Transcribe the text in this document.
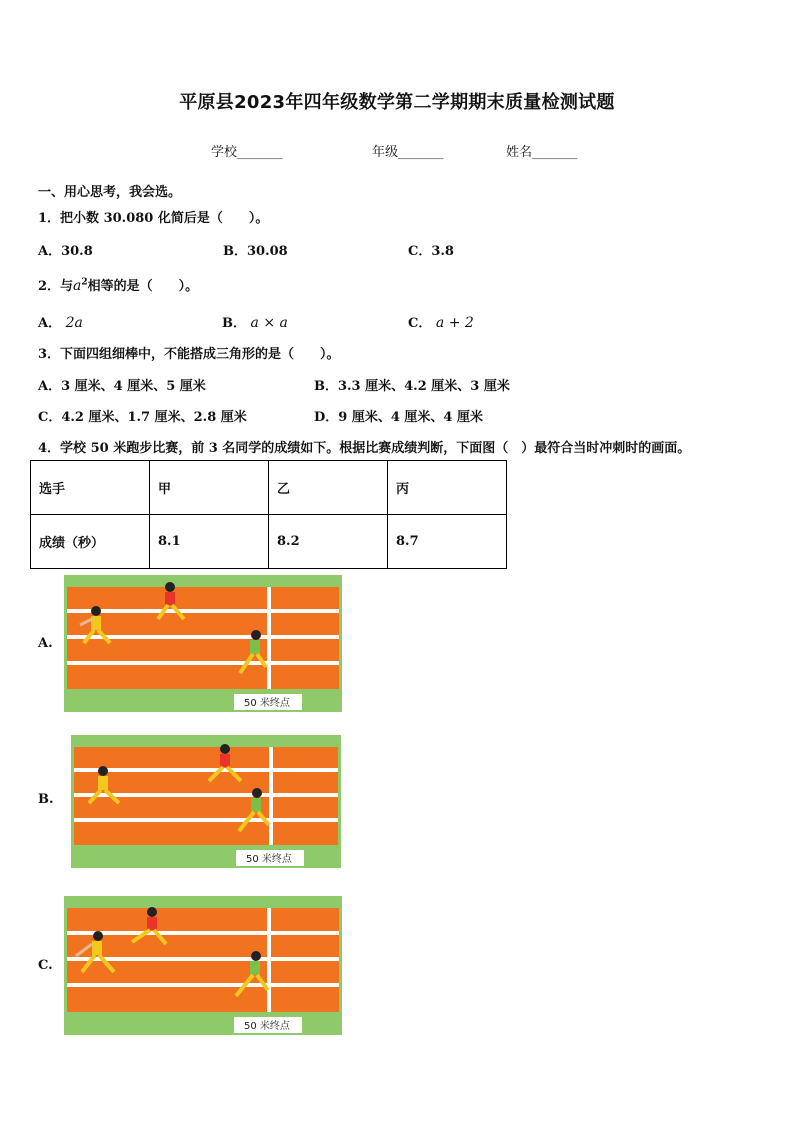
平原县2023年四年级数学第二学期期末质量检测试题
学校_______	年级_______	姓名_______
一、用心思考，我会选。
1．把小数 30.080 化简后是（　　）。
A．30.8	B．30.08	C．3.8
2．与$a^2$相等的是（　　）。
A． 2a	B． a × a	C． a + 2
3．下面四组细棒中，不能搭成三角形的是（　　）。
A．3 厘米、4 厘米、5 厘米	B．3.3 厘米、4.2 厘米、3 厘米
C．4.2 厘米、1.7 厘米、2.8 厘米	D．9 厘米、4 厘米、4 厘米
4．学校 50 米跑步比赛，前 3 名同学的成绩如下。根据比赛成绩判断，下面图（　）最符合当时冲刺时的画面。
选手	甲	乙	丙
成绩（秒）	8.1	8.2	8.7
A.
50 米终点
B.
50 米终点
C.
50 米终点
